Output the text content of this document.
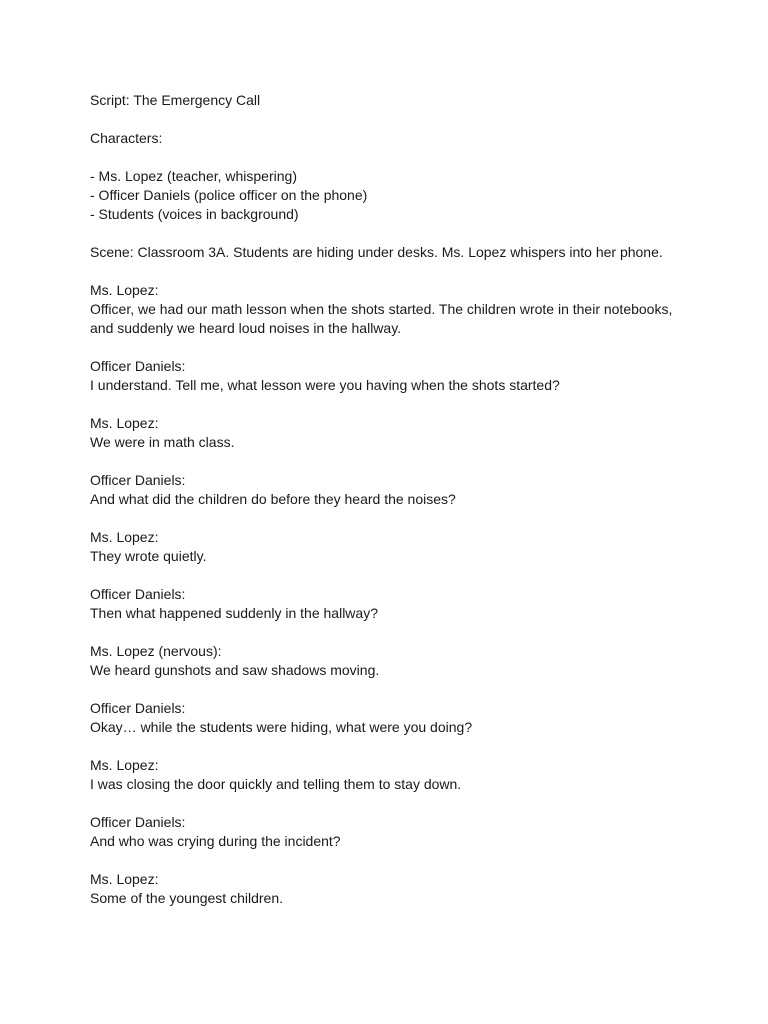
Script: The Emergency Call
Characters:
- Ms. Lopez (teacher, whispering)
- Officer Daniels (police officer on the phone)
- Students (voices in background)
Scene: Classroom 3A. Students are hiding under desks. Ms. Lopez whispers into her phone.
Ms. Lopez:
Officer, we had our math lesson when the shots started. The children wrote in their notebooks,
and suddenly we heard loud noises in the hallway.
Officer Daniels:
I understand. Tell me, what lesson were you having when the shots started?
Ms. Lopez:
We were in math class.
Officer Daniels:
And what did the children do before they heard the noises?
Ms. Lopez:
They wrote quietly.
Officer Daniels:
Then what happened suddenly in the hallway?
Ms. Lopez (nervous):
We heard gunshots and saw shadows moving.
Officer Daniels:
Okay… while the students were hiding, what were you doing?
Ms. Lopez:
I was closing the door quickly and telling them to stay down.
Officer Daniels:
And who was crying during the incident?
Ms. Lopez:
Some of the youngest children.
